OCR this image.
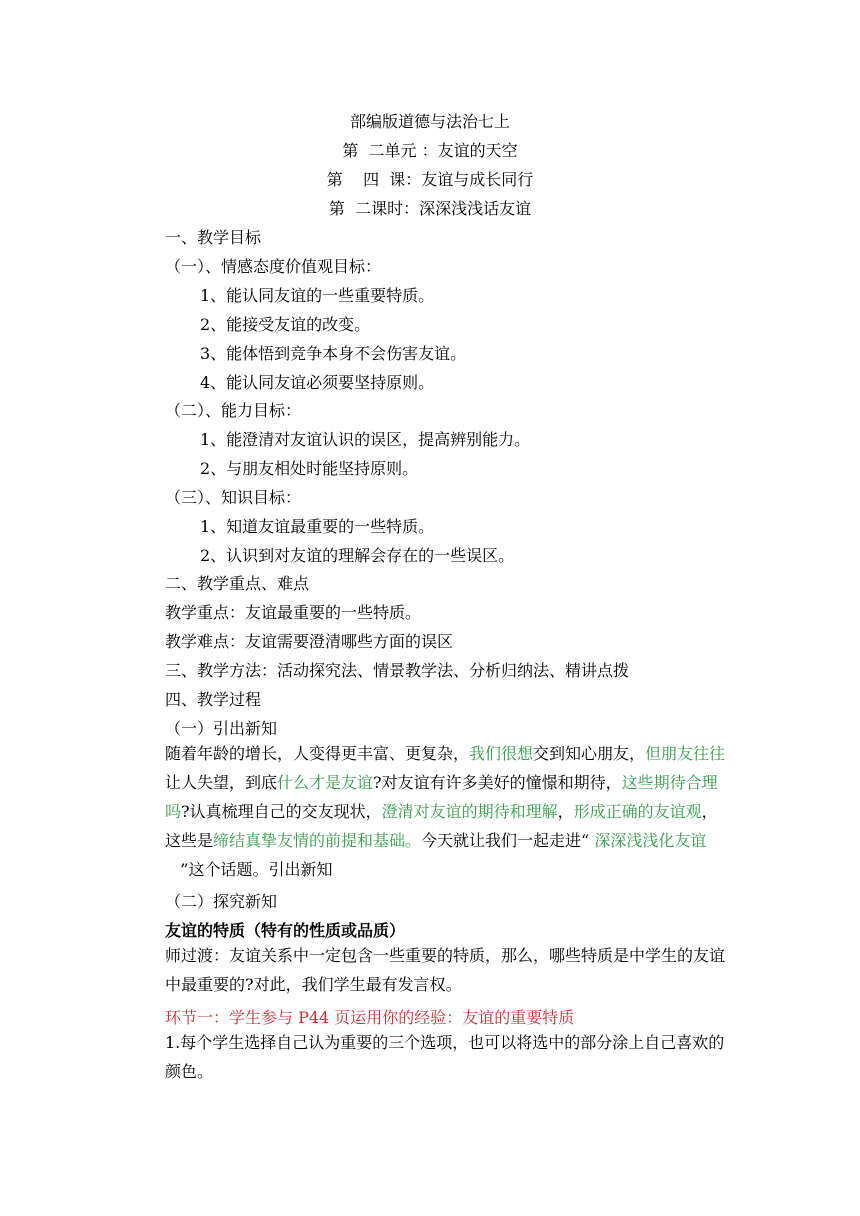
部编版道德与法治七上
第  二单元 ：友谊的天空
第    四  课：友谊与成长同行
第  二课时：深深浅浅话友谊
一、教学目标
（一）、情感态度价值观目标：
1、能认同友谊的一些重要特质。
2、能接受友谊的改变。
3、能体悟到竞争本身不会伤害友谊。
4、能认同友谊必须要坚持原则。
（二）、能力目标：
1、能澄清对友谊认识的误区，提高辨别能力。
2、与朋友相处时能坚持原则。
（三）、知识目标：
1、知道友谊最重要的一些特质。
2、认识到对友谊的理解会存在的一些误区。
二、教学重点、难点
教学重点：友谊最重要的一些特质。
教学难点：友谊需要澄清哪些方面的误区
三、教学方法：活动探究法、情景教学法、分析归纳法、精讲点拨
四、教学过程
（一）引出新知

随着年龄的增长，人变得更丰富、更复杂，我们很想交到知心朋友，但朋友往往让人失望，到底什么才是友谊?对友谊有许多美好的憧憬和期待，这些期待合理吗?认真梳理自己的交友现状，澄清对友谊的期待和理解，形成正确的友谊观，这些是缔结真挚友情的前提和基础。今天就让我们一起走进“ 深深浅浅化友谊   ”这个话题。引出新知

（二）探究新知
友谊的特质（特有的性质或品质）

师过渡：友谊关系中一定包含一些重要的特质，那么，哪些特质是中学生的友谊中最重要的?对此，我们学生最有发言权。

环节一：学生参与 P44 页运用你的经验：友谊的重要特质

1.每个学生选择自己认为重要的三个选项，也可以将选中的部分涂上自己喜欢的颜色。
